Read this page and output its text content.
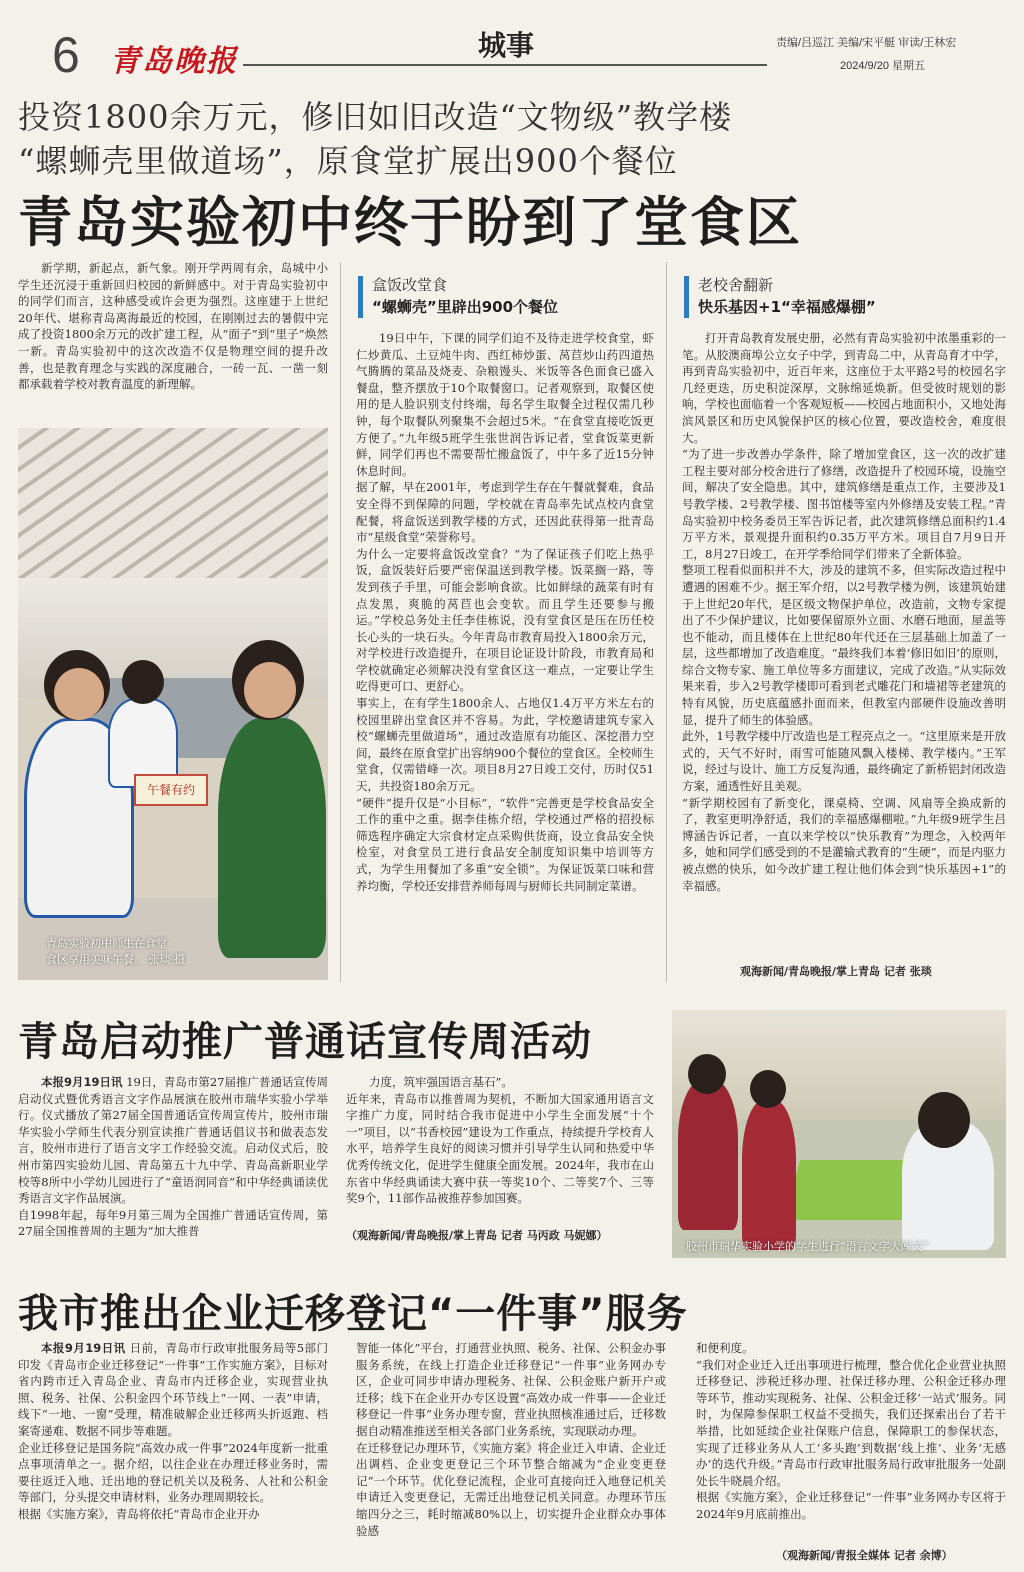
6 青岛晚报	城事	责编/吕巡江 美编/宋平艇 审读/王林宏
2024/9/20 星期五
投资1800余万元，修旧如旧改造“文物级”教学楼
“螺蛳壳里做道场”，原食堂扩展出900个餐位
青岛实验初中终于盼到了堂食区
新学期，新起点，新气象。刚开学两周有余，岛城中小学生还沉浸于重新回归校园的新鲜感中。对于青岛实验初中的同学们而言，这种感受或许会更为强烈。这座建于上世纪20年代、堪称青岛离海最近的校园，在刚刚过去的暑假中完成了投资1800余万元的改扩建工程，从“面子”到“里子”焕然一新。青岛实验初中的这次改造不仅是物理空间的提升改善，也是教育理念与实践的深度融合，一砖一瓦、一凿一刻都承载着学校对教育温度的新理解。
午餐有约
青岛实验初中师生在食堂
食区享用美味午餐。 张琰 摄
盒饭改堂食
“螺蛳壳”里辟出900个餐位
19日中午，下课的同学们迫不及待走进学校食堂，虾仁炒黄瓜、土豆炖牛肉、西红柿炒蛋、莴苣炒山药四道热气腾腾的菜品及烧麦、杂粮馒头、米饭等各色面食已盛入餐盘，整齐摆放于10个取餐窗口。记者观察到，取餐区使用的是人脸识别支付终端，每名学生取餐全过程仅需几秒钟，每个取餐队列聚集不会超过5米。“在食堂直接吃饭更方便了。”九年级5班学生张世润告诉记者，堂食饭菜更新鲜，同学们再也不需要帮忙搬盒饭了，中午多了近15分钟休息时间。
据了解，早在2001年，考虑到学生存在午餐就餐难，食品安全得不到保障的问题，学校就在青岛率先试点校内食堂配餐，将盒饭送到教学楼的方式，还因此获得第一批青岛市“星级食堂”荣誉称号。
为什么一定要将盒饭改堂食？“为了保证孩子们吃上热乎饭，盒饭装好后要严密保温送到教学楼。饭菜搁一路，等发到孩子手里，可能会影响食欲。比如鲜绿的蔬菜有时有点发黑，爽脆的莴苣也会变软。而且学生还要参与搬运。”学校总务处主任李佳栋说，没有堂食区是压在历任校长心头的一块石头。今年青岛市教育局投入1800余万元，对学校进行改造提升，在项目论证设计阶段，市教育局和学校就确定必须解决没有堂食区这一难点，一定要让学生吃得更可口、更舒心。
事实上，在有学生1800余人、占地仅1.4万平方米左右的校园里辟出堂食区并不容易。为此，学校邀请建筑专家入校“螺蛳壳里做道场”，通过改造原有功能区、深挖潜力空间，最终在原食堂扩出容纳900个餐位的堂食区。全校师生堂食，仅需错峰一次。项目8月27日竣工交付，历时仅51天，共投资180余万元。
“硬件”提升仅是“小目标”，“软件”完善更是学校食品安全工作的重中之重。据李佳栋介绍，学校通过严格的招投标筛选程序确定大宗食材定点采购供货商，设立食品安全快检室，对食堂员工进行食品安全制度知识集中培训等方式，为学生用餐加了多重“安全锁”。为保证饭菜口味和营养均衡，学校还安排营养师每周与厨师长共同制定菜谱。
老校舍翻新
快乐基因+1“幸福感爆棚”
打开青岛教育发展史册，必然有青岛实验初中浓墨重彩的一笔。从胶澳商埠公立女子中学，到青岛二中，从青岛育才中学，再到青岛实验初中，近百年来，这座位于太平路2号的校园名字几经更迭，历史积淀深厚，文脉绵延焕新。但受彼时规划的影响，学校也面临着一个客观短板——校园占地面积小，又地处海滨风景区和历史风貌保护区的核心位置，要改造校舍，难度很大。
“为了进一步改善办学条件，除了增加堂食区，这一次的改扩建工程主要对部分校舍进行了修缮，改造提升了校园环境，设施空间，解决了安全隐患。其中，建筑修缮是重点工作，主要涉及1号教学楼、2号教学楼、图书馆楼等室内外修缮及安装工程。”青岛实验初中校务委员王军告诉记者，此次建筑修缮总面积约1.4万平方米，景观提升面积约0.35万平方米。项目自7月9日开工，8月27日竣工，在开学季给同学们带来了全新体验。
整项工程看似面积并不大，涉及的建筑不多，但实际改造过程中遭遇的困难不少。据王军介绍，以2号教学楼为例，该建筑始建于上世纪20年代，是区级文物保护单位，改造前，文物专家提出了不少保护建议，比如要保留原外立面、水磨石地面，屋盖等也不能动，而且楼体在上世纪80年代还在三层基础上加盖了一层，这些都增加了改造难度。“最终我们本着‘修旧如旧’的原则，综合文物专家、施工单位等多方面建议，完成了改造。”从实际效果来看，步入2号教学楼即可看到老式雕花门和墙裙等老建筑的特有风貌，历史底蕴感扑面而来，但教室内部硬件设施改善明显，提升了师生的体验感。
此外，1号教学楼中厅改造也是工程亮点之一。“这里原来是开放式的，天气不好时，雨雪可能随风飘入楼梯、教学楼内。”王军说，经过与设计、施工方反复沟通，最终确定了新桥铝封闭改造方案，通透性好且美观。
“新学期校园有了新变化，课桌椅、空调、风扇等全换成新的了，教室更明净舒适，我们的幸福感爆棚啦。”九年级9班学生吕博涵告诉记者，一直以来学校以“快乐教育”为理念，入校两年多，她和同学们感受到的不是灌输式教育的“生硬”，而是内驱力被点燃的快乐，如今改扩建工程让他们体会到“快乐基因+1”的幸福感。
观海新闻/青岛晚报/掌上青岛 记者 张琰
青岛启动推广普通话宣传周活动
本报9月19日讯 19日，青岛市第27届推广普通话宣传周启动仪式暨优秀语言文字作品展演在胶州市瑞华实验小学举行。仪式播放了第27届全国普通话宣传周宣传片，胶州市瑞华实验小学师生代表分别宣读推广普通话倡议书和做表态发言，胶州市进行了语言文字工作经验交流。启动仪式后，胶州市第四实验幼儿园、青岛第五十九中学、青岛高新职业学校等8所中小学幼儿园进行了“童语润同音”和中华经典诵读优秀语言文字作品展演。
自1998年起，每年9月第三周为全国推广普通话宣传周，第27届全国推普周的主题为“加大推普
力度，筑牢强国语言基石”。
近年来，青岛市以推普周为契机，不断加大国家通用语言文字推广力度，同时结合我市促进中小学生全面发展“十个一”项目，以“书香校园”建设为工作重点，持续提升学校育人水平，培养学生良好的阅读习惯并引导学生认同和热爱中华优秀传统文化，促进学生健康全面发展。2024年，我市在山东省中华经典诵读大赛中获一等奖10个、二等奖7个、三等奖9个，11部作品被推荐参加国赛。
（观海新闻/青岛晚报/掌上青岛 记者 马丙政 马妮娜）
胶州市瑞华实验小学的学生进行“语言文字大闯关”
我市推出企业迁移登记“一件事”服务
本报9月19日讯 日前，青岛市行政审批服务局等5部门印发《青岛市企业迁移登记“一件事”工作实施方案》，目标对省内跨市迁入青岛企业、青岛市内迁移企业，实现营业执照、税务、社保、公积金四个环节线上“一网、一表”申请，线下“一地、一窗”受理，精准破解企业迁移两头折返跑、档案寄递难、数据不同步等难题。
企业迁移登记是国务院“高效办成一件事”2024年度新一批重点事项清单之一。据介绍，以往企业在办理迁移业务时，需要往返迁入地、迁出地的登记机关以及税务、人社和公积金等部门，分头提交申请材料，业务办理周期较长。
根据《实施方案》，青岛将依托“青岛市企业开办
智能一体化”平台，打通营业执照、税务、社保、公积金办事服务系统，在线上打造企业迁移登记“一件事”业务网办专区，企业可同步申请办理税务、社保、公积金账户新开户或迁移；线下在企业开办专区设置“高效办成一件事——企业迁移登记一件事”业务办理专窗，营业执照核准通过后，迁移数据自动精准推送至相关各部门业务系统，实现联动办理。
在迁移登记办理环节，《实施方案》将企业迁入申请、企业迁出调档、企业变更登记三个环节整合缩减为“企业变更登记”一个环节。优化登记流程，企业可直接向迁入地登记机关申请迁入变更登记，无需迁出地登记机关同意。办理环节压缩四分之三，耗时缩减80%以上，切实提升企业群众办事体验感
和便利度。
“我们对企业迁入迁出事项进行梳理，整合优化企业营业执照迁移登记、涉税迁移办理、社保迁移办理、公积金迁移办理等环节，推动实现税务、社保、公积金迁移‘一站式’服务。同时，为保障参保职工权益不受损失，我们还探索出台了若干举措，比如延续企业社保账户信息，保障职工的参保状态，实现了迁移业务从人工‘多头跑’到数据‘线上推’、业务‘无感办’的迭代升级。”青岛市行政审批服务局行政审批服务一处副处长牛晓晨介绍。
根据《实施方案》，企业迁移登记“一件事”业务网办专区将于2024年9月底前推出。
（观海新闻/青报全媒体 记者 余博）
